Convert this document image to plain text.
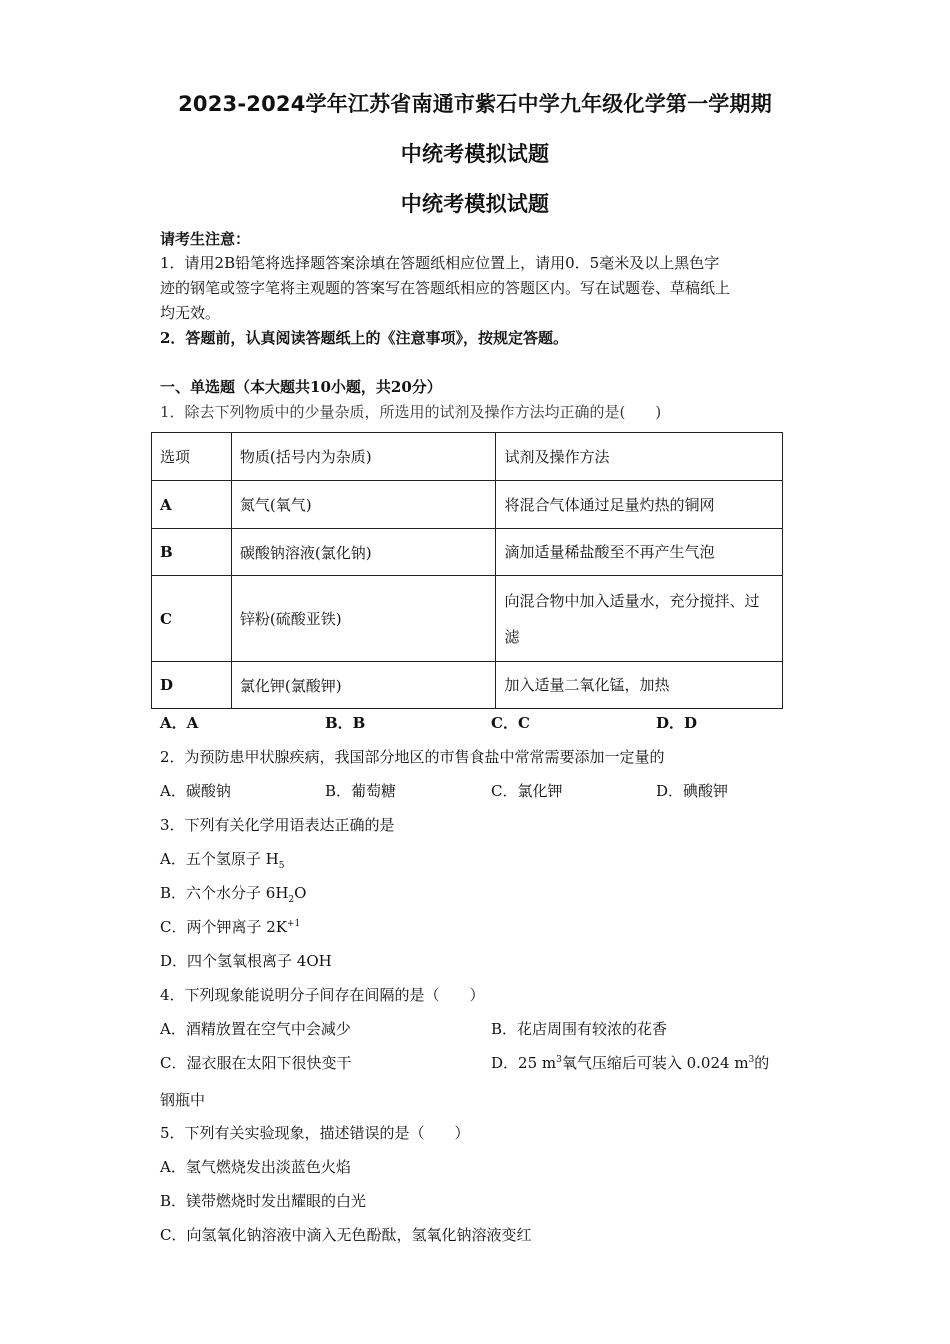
2023-2024学年江苏省南通市紫石中学九年级化学第一学期期
中统考模拟试题
中统考模拟试题
请考生注意：
1．请用2B铅笔将选择题答案涂填在答题纸相应位置上，请用0．5毫米及以上黑色字
迹的钢笔或签字笔将主观题的答案写在答题纸相应的答题区内。写在试题卷、草稿纸上
均无效。
2．答题前，认真阅读答题纸上的《注意事项》，按规定答题。
一、单选题（本大题共10小题，共20分）
1．除去下列物质中的少量杂质，所选用的试剂及操作方法均正确的是(　　)
选项	物质(括号内为杂质)	试剂及操作方法
A	氮气(氧气)	将混合气体通过足量灼热的铜网
B	碳酸钠溶液(氯化钠)	滴加适量稀盐酸至不再产生气泡
C	锌粉(硫酸亚铁)	向混合物中加入适量水，充分搅拌、过滤
D	氯化钾(氯酸钾)	加入适量二氧化锰，加热
A．A	B．B	C．C	D．D
2．为预防患甲状腺疾病，我国部分地区的市售食盐中常常需要添加一定量的
A．碳酸钠	B．葡萄糖	C．氯化钾	D．碘酸钾
3．下列有关化学用语表达正确的是
A．五个氢原子 $H_5$
B．六个水分子 $6H_2O$
C．两个钾离子 $2K^{+1}$
D．四个氢氧根离子 4OH
4．下列现象能说明分子间存在间隔的是（　　）
A．酒精放置在空气中会减少	B．花店周围有较浓的花香
C．湿衣服在太阳下很快变干	D．25 $m^3$氧气压缩后可装入 0.024 $m^3$的
钢瓶中
5．下列有关实验现象，描述错误的是（　　）
A．氢气燃烧发出淡蓝色火焰
B．镁带燃烧时发出耀眼的白光
C．向氢氧化钠溶液中滴入无色酚酞，氢氧化钠溶液变红
